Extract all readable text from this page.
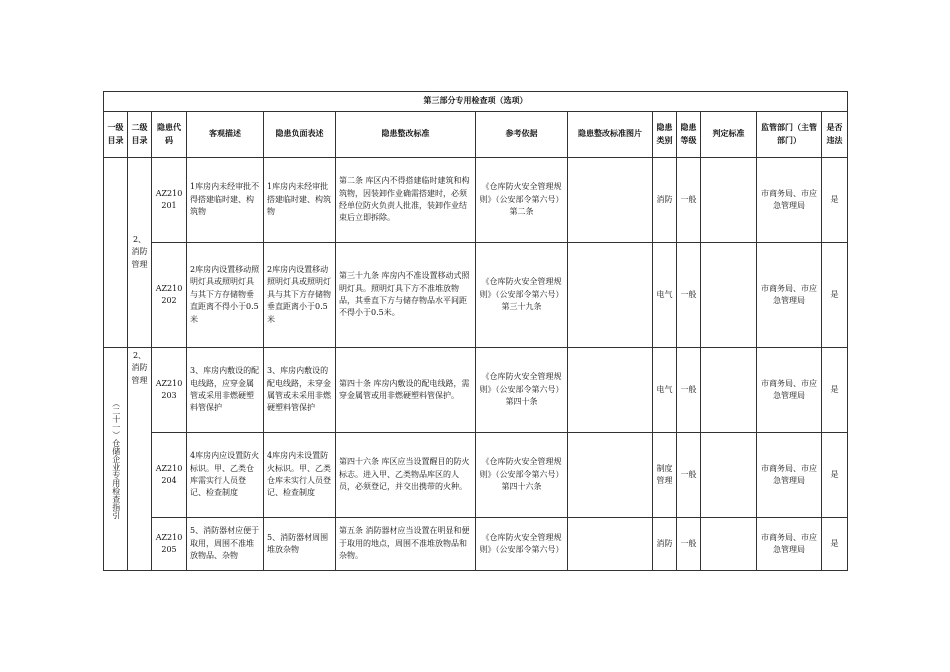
第三部分专用检查项（选项）												
一级目录	二级目录	隐患代码	客观描述	隐患负面表述	隐患整改标准	参考依据	隐患整改标准图片	隐患类别	隐患等级	判定标准	监管部门（主管部门）	是否违法
	2、消防管理	AZ210201	1库房内未经审批不得搭建临时建、构筑物	1库房内未经审批搭建临时建、构筑物	第二条 库区内不得搭建临时建筑和构筑物，因装卸作业确需搭建时，必须经单位防火负责人批准，装卸作业结束后立即拆除。	《仓库防火安全管理规则》（公安部令第六号）第二条		消防	一般		市商务局、市应急管理局	是
		AZ210202	2库房内设置移动照明灯具或照明灯具与其下方存储物垂直距离不得小于0.5米	2库房内设置移动照明灯具或照明灯具与其下方存储物垂直距离小于0.5米	第三十九条 库房内不准设置移动式照明灯具。照明灯具下方不准堆放物品，其垂直下方与储存物品水平间距不得小于0.5米。	《仓库防火安全管理规则》（公安部令第六号）第三十九条		电气	一般		市商务局、市应急管理局	是

（二十一）仓储企业专用检查指引	2、消防管理	AZ210203	3、库房内敷设的配电线路，应穿金属管或采用非燃硬塑料管保护	3、库房内敷设的配电线路，未穿金属管或未采用非燃硬塑料管保护	第四十条 库房内敷设的配电线路，需穿金属管或用非燃硬塑料管保护。	《仓库防火安全管理规则》（公安部令第六号）第四十条		电气	一般		市商务局、市应急管理局	是
		AZ210204	4库房内应设置防火标识。甲、乙类仓库需实行人员登记、检查制度	4库房内未设置防火标识。甲、乙类仓库未实行人员登记、检查制度	第四十六条 库区应当设置醒目的防火标志。进入甲、乙类物品库区的人员，必须登记，并交出携带的火种。	《仓库防火安全管理规则》（公安部令第六号）第四十六条		制度管理	一般		市商务局、市应急管理局	是
		AZ210205	5、消防器材应便于取用，周围不准堆放物品、杂物	5、消防器材周围堆放杂物	第五条 消防器材应当设置在明显和便于取用的地点，周围不准堆放物品和杂物。	《仓库防火安全管理规则》（公安部令第六号）		消防	一般		市商务局、市应急管理局	是
